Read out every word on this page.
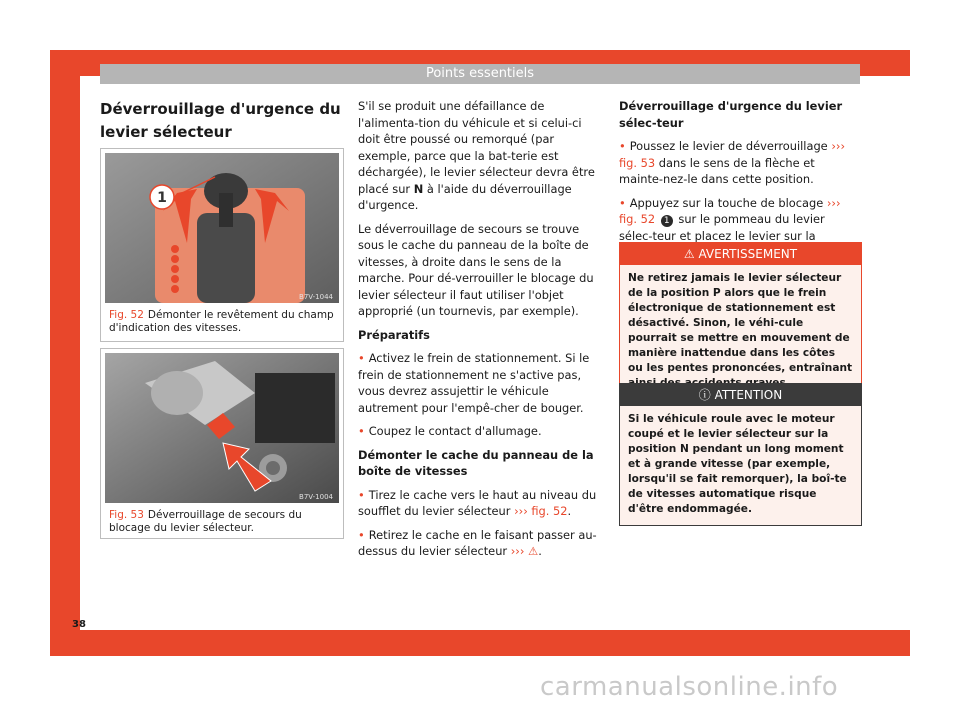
Points essentiels
Déverrouillage d'urgence du levier sélecteur
1
B7V-1044
Fig. 52 Démonter le revêtement du champ d'indication des vitesses.
B7V-1004
Fig. 53 Déverrouillage de secours du blocage du levier sélecteur.

S'il se produit une défaillance de l'alimenta-tion du véhicule et si celui-ci doit être poussé ou remorqué (par exemple, parce que la bat-terie est déchargée), le levier sélecteur devra être placé sur N à l'aide du déverrouillage d'urgence.

Le déverrouillage de secours se trouve sous le cache du panneau de la boîte de vitesses, à droite dans le sens de la marche. Pour dé-verrouiller le blocage du levier sélecteur il faut utiliser l'objet approprié (un tournevis, par exemple).

Préparatifs

• Activez le frein de stationnement. Si le frein de stationnement ne s'active pas, vous devrez assujettir le véhicule autrement pour l'empê-cher de bouger.

• Coupez le contact d'allumage.

Démonter le cache du panneau de la boîte de vitesses

• Tirez le cache vers le haut au niveau du soufflet du levier sélecteur ››› fig. 52.

• Retirez le cache en le faisant passer au-dessus du levier sélecteur ››› ⚠.

Déverrouillage d'urgence du levier sélec-teur

• Poussez le levier de déverrouillage ››› fig. 53 dans le sens de la flèche et mainte-nez-le dans cette position.

• Appuyez sur la touche de blocage ››› fig. 52 1 sur le pommeau du levier sélec-teur et placez le levier sur la

⚠ AVERTISSEMENT
Ne retirez jamais le levier sélecteur de la position P alors que le frein électronique de stationnement est désactivé. Sinon, le véhi-cule pourrait se mettre en mouvement de manière inattendue dans les côtes ou les pentes prononcées, entraînant
ⓘ ATTENTION
Si le véhicule roule avec le moteur coupé et le levier sélecteur sur la position N pendant un long moment et à grande vitesse (par exemple, lorsqu'il se fait remorquer), la boî-te de vitesses automatique risque d'être endommagée.
38
carmanualsonline.info
